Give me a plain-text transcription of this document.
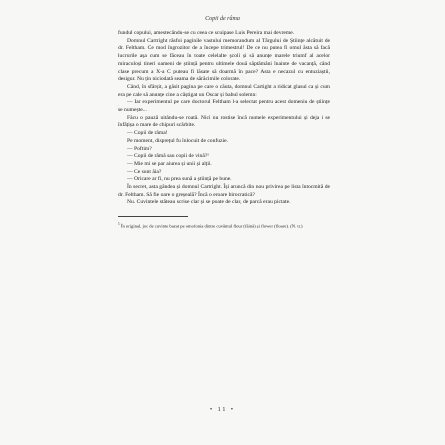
Copii de râma

fundul copului, amestecându-se cu ceea ce scuipase Luis Pereira mai devreme.

Domnul Cartright răsfoi paginile vastului memorandum al Târgului de Științe alcătuit de dr. Feltham. Ce mod îngrozitor de a începe trimestrul! De ce nu putea fi omul ăsta să facă lucrurile așa cum se făceau în toate celelalte școli și să anunțe marele triumf al acelor miraculoși tineri oameni de știință pentru ultimele două săptămâni înainte de vacanță, când clase precum a X-a C puteau fi lăsate să doarmă în pace? Asta e necazul cu entuziaștii, desigur. Nu țin niciodată seama de sărăcimile colorate.

Când, în sfârșit, a găsit pagina pe care o căuta, domnul Cartight a ridicat glasul ca și cum era pe cale să anunțe cine a câștigat un Oscar și babul solemn:

— Iar experimentul pe care doctorul Feltham l-a selectat pentru acest domeniu de științe se numește...

Făcu o pauză uitându-se roată. Nici nu rostise încă numele experimentului și deja i se înfățișa o mare de chipuri scârbite.

— Copii de râma!

Pe moment, disprețul fu înlocuit de confuzie.

— Poftim?

— Copii de râmă sau copii de vină?¹

— Mie mi se par aiurea și unii și alții.

— Ce sunt ăia?

— Oricare ar fi, nu prea sună a știință pe bune.

În secret, asta gândea și domnul Cartright. Își aruncă din nou privirea pe lista întocmită de dr. Feltham. Să fie oare o greșeală? Încă o eroare birocratică?

Nu. Cuvintele stăteau scrise clar și se poate de clar, de parcă erau pictate.

$^1$ În original, joc de cuvinte bazat pe omofonia dintre cuvântul flour (făină) și flower (floare). (N. tr.)
• 11 •
